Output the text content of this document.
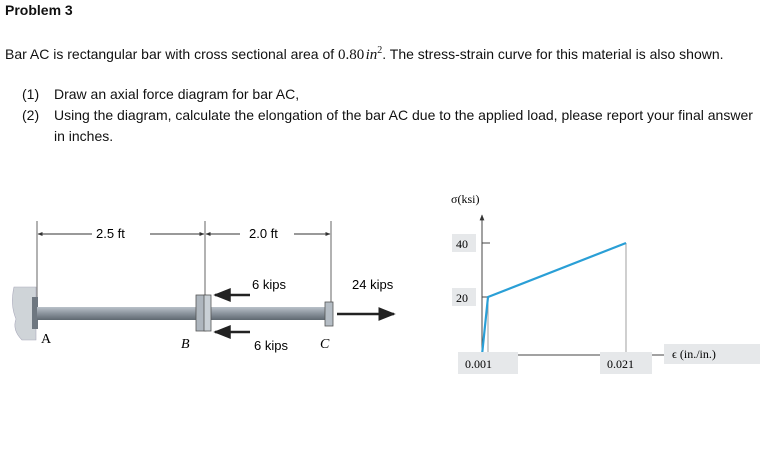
Problem 3
Bar AC is rectangular bar with cross sectional area of 0.80 $in^2$. The stress-strain curve for this material is also shown.
(1) Draw an axial force diagram for bar AC,
(2) Using the diagram, calculate the elongation of the bar AC due to the applied load, please report your final answer in inches.
2.5 ft	2.0 ft
6 kips
6 kips
24 kips
A	B	C
σ(ksi)
40
20
0.001	0.021
ϵ (in./in.)
